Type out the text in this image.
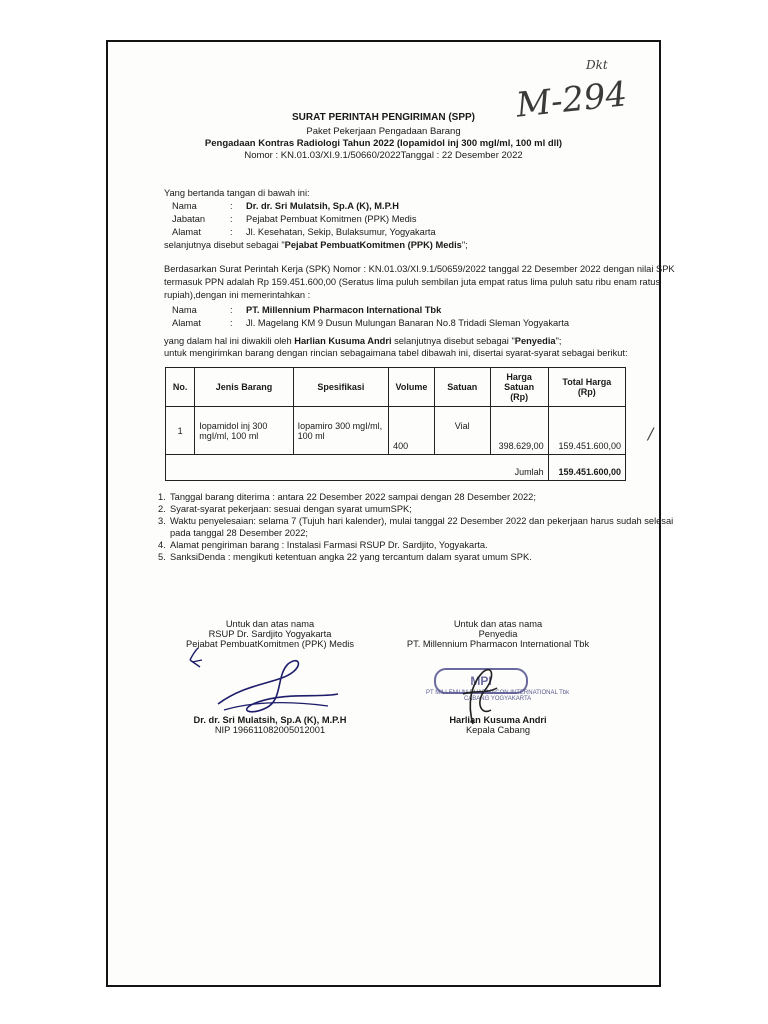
M-294
Dkt
SURAT PERINTAH PENGIRIMAN (SPP)
Paket Pekerjaan Pengadaan Barang
Pengadaan Kontras Radiologi Tahun 2022 (Iopamidol inj 300 mgI/ml, 100 ml dll)
Nomor : KN.01.03/XI.9.1/50660/2022Tanggal : 22 Desember 2022
Yang bertanda tangan di bawah ini:
Nama	: Dr. dr. Sri Mulatsih, Sp.A (K), M.P.H
Jabatan	: Pejabat Pembuat Komitmen (PPK) Medis
Alamat	: Jl. Kesehatan, Sekip, Bulaksumur, Yogyakarta
selanjutnya disebut sebagai "Pejabat PembuatKomitmen (PPK) Medis";
Berdasarkan Surat Perintah Kerja (SPK) Nomor : KN.01.03/XI.9.1/50659/2022 tanggal 22 Desember 2022 dengan nilai SPK
termasuk PPN adalah Rp 159.451.600,00 (Seratus lima puluh sembilan juta empat ratus lima puluh satu ribu enam ratus
rupiah),dengan ini memerintahkan :
Nama	: PT. Millennium Pharmacon International Tbk
Alamat	: Jl. Magelang KM 9 Dusun Mulungan Banaran No.8 Tridadi Sleman Yogyakarta
yang dalam hal ini diwakili oleh Harlian Kusuma Andri selanjutnya disebut sebagai "Penyedia";
untuk mengirimkan barang dengan rincian sebagaimana tabel dibawah ini, disertai syarat-syarat sebagai berikut:
No.	Jenis Barang	Spesifikasi	Volume	Satuan	Harga Satuan (Rp)	Total Harga (Rp)
1	Iopamidol inj 300 mgI/ml, 100 ml	Iopamiro 300 mgI/ml, 100 ml	400	Vial	398.629,00	159.451.600,00
Jumlah						159.451.600,00
/
1. Tanggal barang diterima : antara 22 Desember 2022 sampai dengan 28 Desember 2022;
2. Syarat-syarat pekerjaan: sesuai dengan syarat umumSPK;
3. Waktu penyelesaian: selama 7 (Tujuh hari kalender), mulai tanggal 22 Desember 2022 dan pekerjaan harus sudah selesai
pada tanggal 28 Desember 2022;
4. Alamat pengiriman barang : Instalasi Farmasi RSUP Dr. Sardjito, Yogyakarta.
5. SanksiDenda : mengikuti ketentuan angka 22 yang tercantum dalam syarat umum SPK.
Untuk dan atas nama
RSUP Dr. Sardjito Yogyakarta
Pejabat PembuatKomitmen (PPK) Medis
Dr. dr. Sri Mulatsih, Sp.A (K), M.P.H
NIP 196611082005012001
Untuk dan atas nama
Penyedia
PT. Millennium Pharmacon International Tbk
MPI
PT MILLENIUM PHARMACON INTERNATIONAL Tbk
CABANG YOGYAKARTA
Harlian Kusuma Andri
Kepala Cabang
